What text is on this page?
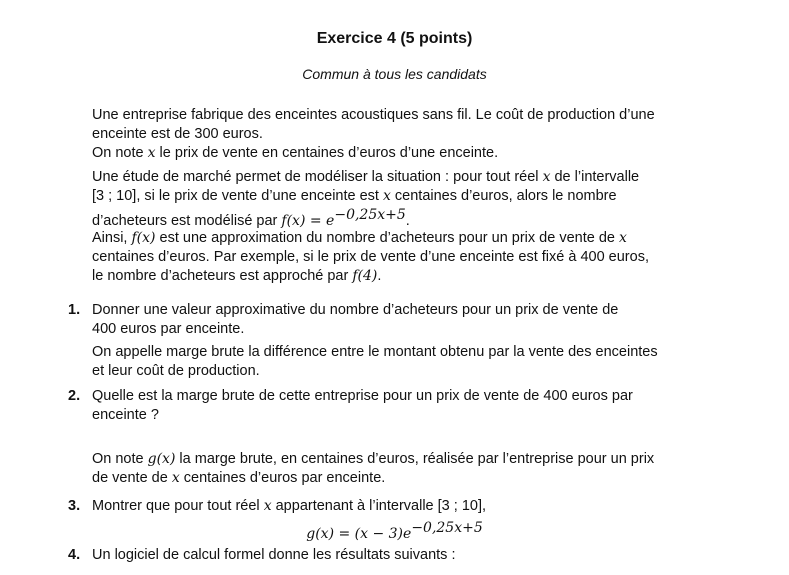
Exercice 4 (5 points)
Commun à tous les candidats
Une entreprise fabrique des enceintes acoustiques sans fil. Le coût de production d’une
enceinte est de 300 euros.
On note x le prix de vente en centaines d’euros d’une enceinte.
Une étude de marché permet de modéliser la situation : pour tout réel x de l’intervalle
[3 ; 10], si le prix de vente d’une enceinte est x centaines d’euros, alors le nombre
d’acheteurs est modélisé par $f(x) = e^{-0,25x+5}$.
Ainsi, f(x) est une approximation du nombre d’acheteurs pour un prix de vente de x
centaines d’euros. Par exemple, si le prix de vente d’une enceinte est fixé à 400 euros,
le nombre d’acheteurs est approché par f(4).
1. Donner une valeur approximative du nombre d’acheteurs pour un prix de vente de
400 euros par enceinte.
On appelle marge brute la différence entre le montant obtenu par la vente des enceintes
et leur coût de production.
2. Quelle est la marge brute de cette entreprise pour un prix de vente de 400 euros par
enceinte ?
On note g(x) la marge brute, en centaines d’euros, réalisée par l’entreprise pour un prix
de vente de x centaines d’euros par enceinte.
3. Montrer que pour tout réel x appartenant à l’intervalle [3 ; 10],
$g(x) = (x - 3)e^{-0,25x+5}$
4. Un logiciel de calcul formel donne les résultats suivants :
